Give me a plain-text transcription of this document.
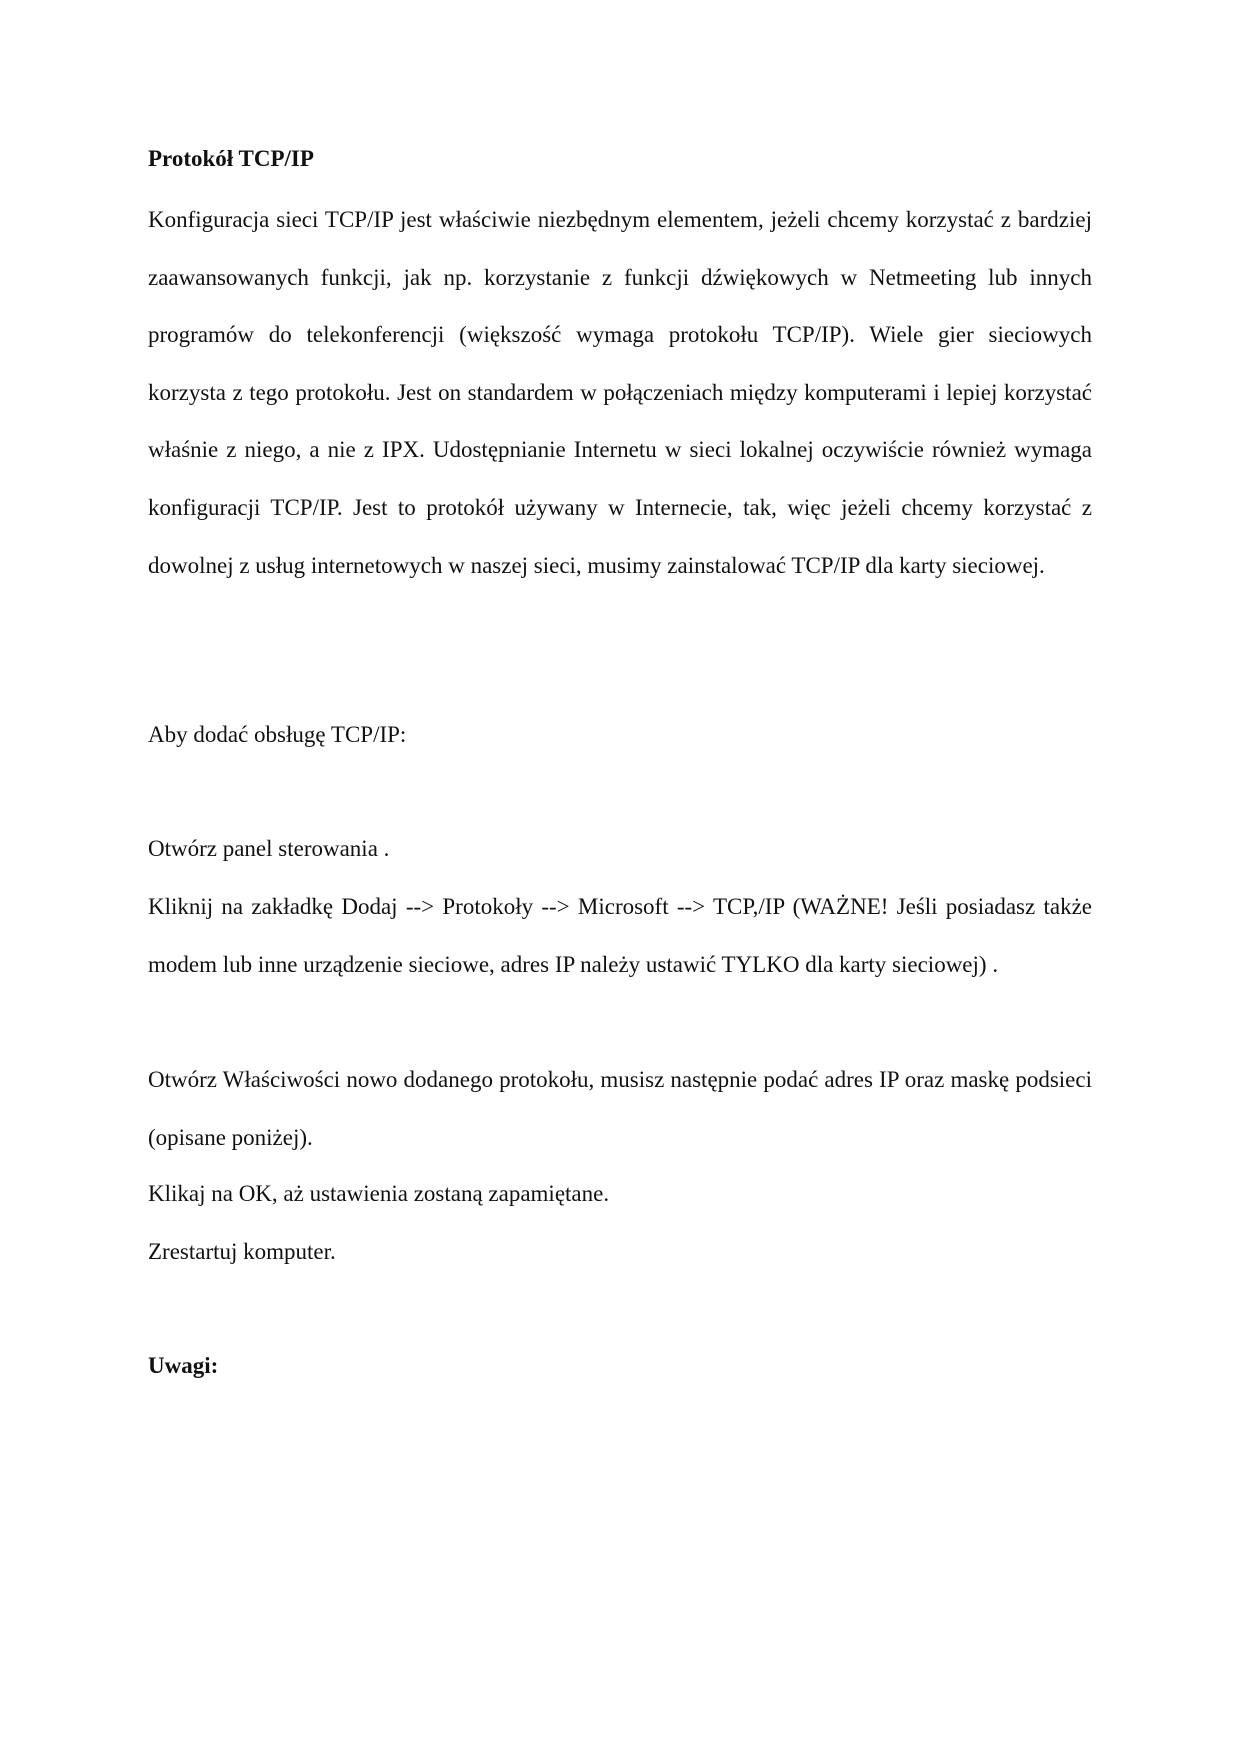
Protokół TCP/IP

Konfiguracja sieci TCP/IP jest właściwie niezbędnym elementem, jeżeli chcemy korzystać z bardziej zaawansowanych funkcji, jak np. korzystanie z funkcji dźwiękowych w Netmeeting lub innych programów do telekonferencji (większość wymaga protokołu TCP/IP). Wiele gier sieciowych korzysta z tego protokołu. Jest on standardem w połączeniach między komputerami i lepiej korzystać właśnie z niego, a nie z IPX. Udostępnianie Internetu w sieci lokalnej oczywiście również wymaga konfiguracji TCP/IP. Jest to protokół używany w Internecie, tak, więc jeżeli chcemy korzystać z dowolnej z usług internetowych w naszej sieci, musimy zainstalować TCP/IP dla karty sieciowej.

Aby dodać obsługę TCP/IP:

Otwórz panel sterowania .

Kliknij na zakładkę Dodaj --> Protokoły --> Microsoft --> TCP,/IP (WAŻNE! Jeśli posiadasz także modem lub inne urządzenie sieciowe, adres IP należy ustawić TYLKO dla karty sieciowej) .

Otwórz Właściwości nowo dodanego protokołu, musisz następnie podać adres IP oraz maskę podsieci (opisane poniżej).

Klikaj na OK, aż ustawienia zostaną zapamiętane.

Zrestartuj komputer.

Uwagi:
